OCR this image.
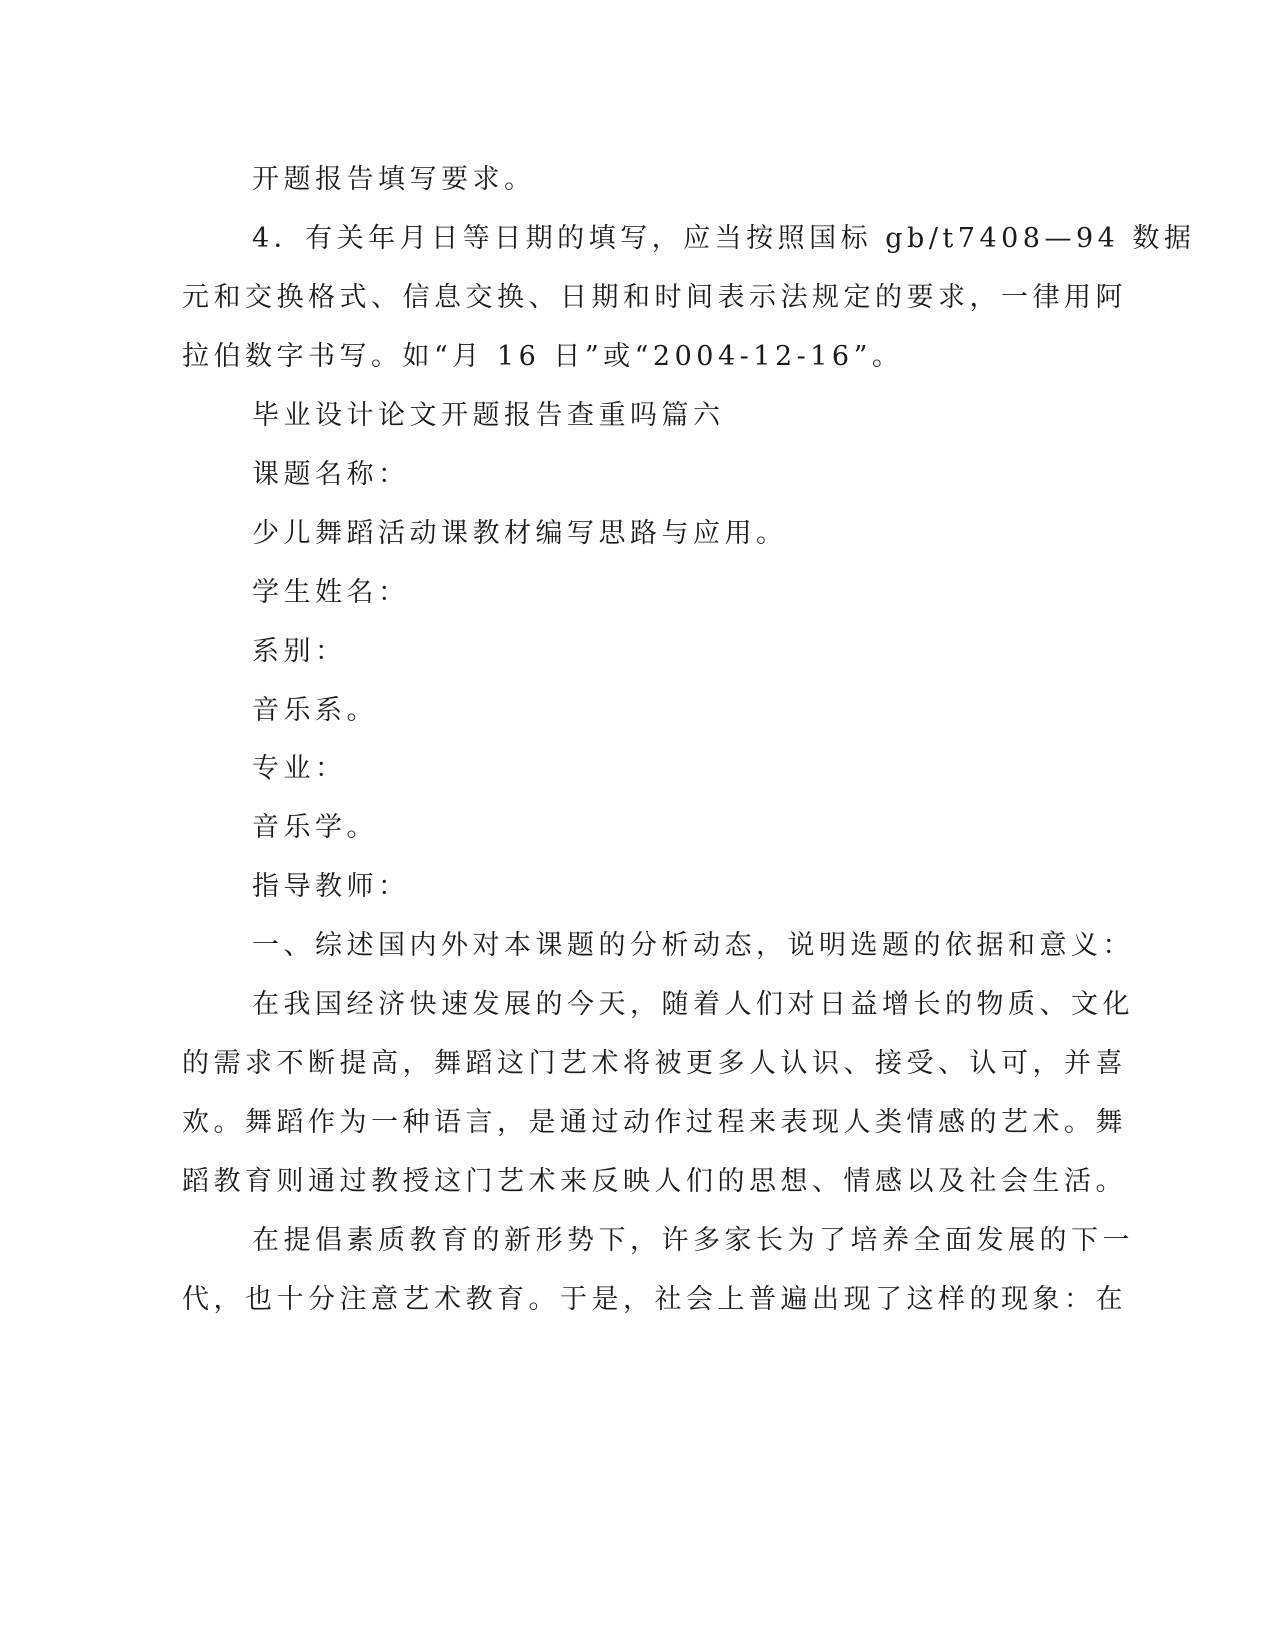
开题报告填写要求。
4．有关年月日等日期的填写，应当按照国标 gb/t7408—94 数据
元和交换格式、信息交换、日期和时间表示法规定的要求，一律用阿
拉伯数字书写。如“月 16 日”或“2004-12-16”。
毕业设计论文开题报告查重吗篇六
课题名称：
少儿舞蹈活动课教材编写思路与应用。
学生姓名：
系别：
音乐系。
专业：
音乐学。
指导教师：
一、综述国内外对本课题的分析动态，说明选题的依据和意义：
在我国经济快速发展的今天，随着人们对日益增长的物质、文化
的需求不断提高，舞蹈这门艺术将被更多人认识、接受、认可，并喜
欢。舞蹈作为一种语言，是通过动作过程来表现人类情感的艺术。舞
蹈教育则通过教授这门艺术来反映人们的思想、情感以及社会生活。
在提倡素质教育的新形势下，许多家长为了培养全面发展的下一
代，也十分注意艺术教育。于是，社会上普遍出现了这样的现象：在
